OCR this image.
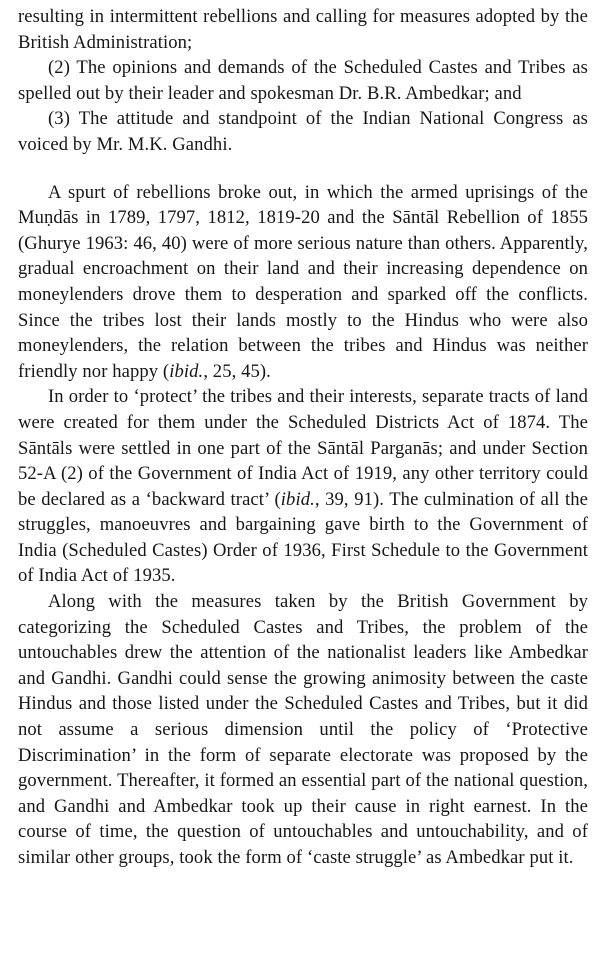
resulting in intermittent rebellions and calling for measures adopted by the British Administration;

(2) The opinions and demands of the Scheduled Castes and Tribes as spelled out by their leader and spokesman Dr. B.R. Ambedkar; and

(3) The attitude and standpoint of the Indian National Congress as voiced by Mr. M.K. Gandhi.

A spurt of rebellions broke out, in which the armed uprisings of the Muṇdās in 1789, 1797, 1812, 1819-20 and the Sāntāl Rebellion of 1855 (Ghurye 1963: 46, 40) were of more serious nature than others. Apparently, gradual encroachment on their land and their increasing dependence on moneylenders drove them to desperation and sparked off the conflicts. Since the tribes lost their lands mostly to the Hindus who were also moneylenders, the relation between the tribes and Hindus was neither friendly nor happy (ibid., 25, 45).

In order to ‘protect’ the tribes and their interests, separate tracts of land were created for them under the Scheduled Districts Act of 1874. The Sāntāls were settled in one part of the Sāntāl Parganās; and under Section 52-A (2) of the Government of India Act of 1919, any other territory could be declared as a ‘backward tract’ (ibid., 39, 91). The culmination of all the struggles, manoeuvres and bargaining gave birth to the Government of India (Scheduled Castes) Order of 1936, First Schedule to the Government of India Act of 1935.

Along with the measures taken by the British Government by categorizing the Scheduled Castes and Tribes, the problem of the untouchables drew the attention of the nationalist leaders like Ambedkar and Gandhi. Gandhi could sense the growing animosity between the caste Hindus and those listed under the Scheduled Castes and Tribes, but it did not assume a serious dimension until the policy of ‘Protective Discrimination’ in the form of separate electorate was proposed by the government. Thereafter, it formed an essential part of the national question, and Gandhi and Ambedkar took up their cause in right earnest. In the course of time, the question of untouchables and untouchability, and of similar other groups, took the form of ‘caste struggle’ as Ambedkar put it.
